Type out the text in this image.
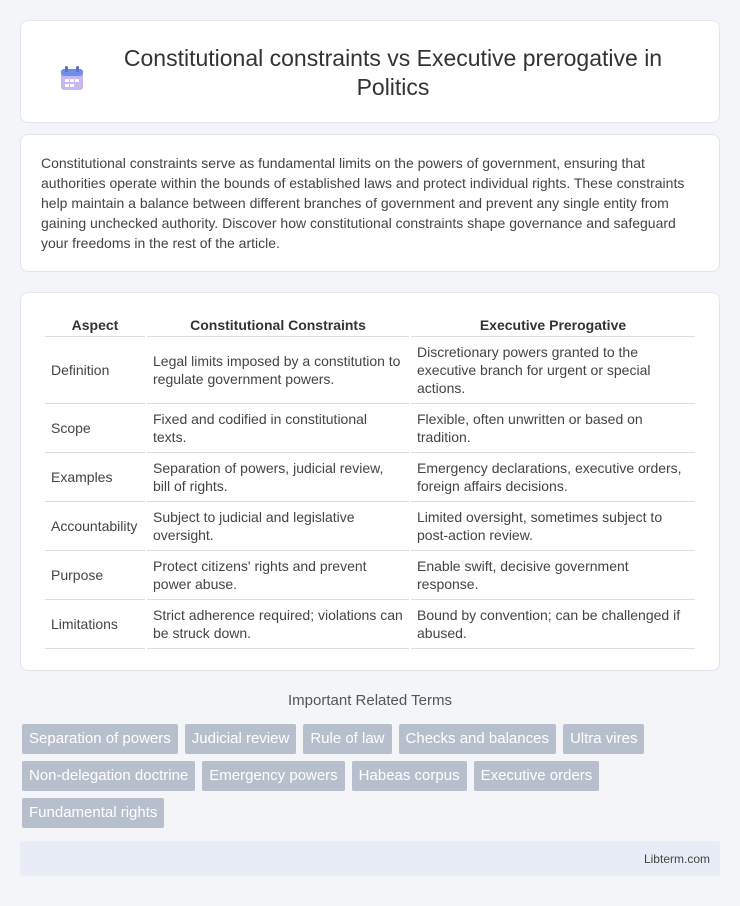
Constitutional constraints vs Executive prerogative in Politics

Constitutional constraints serve as fundamental limits on the powers of government, ensuring that authorities operate within the bounds of established laws and protect individual rights. These constraints help maintain a balance between different branches of government and prevent any single entity from gaining unchecked authority. Discover how constitutional constraints shape governance and safeguard your freedoms in the rest of the article.

Aspect	Constitutional Constraints	Executive Prerogative
Definition	Legal limits imposed by a constitution to regulate government powers.	Discretionary powers granted to the executive branch for urgent or special actions.
Scope	Fixed and codified in constitutional texts.	Flexible, often unwritten or based on tradition.
Examples	Separation of powers, judicial review, bill of rights.	Emergency declarations, executive orders, foreign affairs decisions.
Accountability	Subject to judicial and legislative oversight.	Limited oversight, sometimes subject to post-action review.
Purpose	Protect citizens' rights and prevent power abuse.	Enable swift, decisive government response.
Limitations	Strict adherence required; violations can be struck down.	Bound by convention; can be challenged if abused.
Important Related Terms
Separation of powers	Judicial review	Rule of law	Checks and balances	Ultra vires
Non-delegation doctrine	Emergency powers	Habeas corpus	Executive orders
Fundamental rights
Libterm.com
